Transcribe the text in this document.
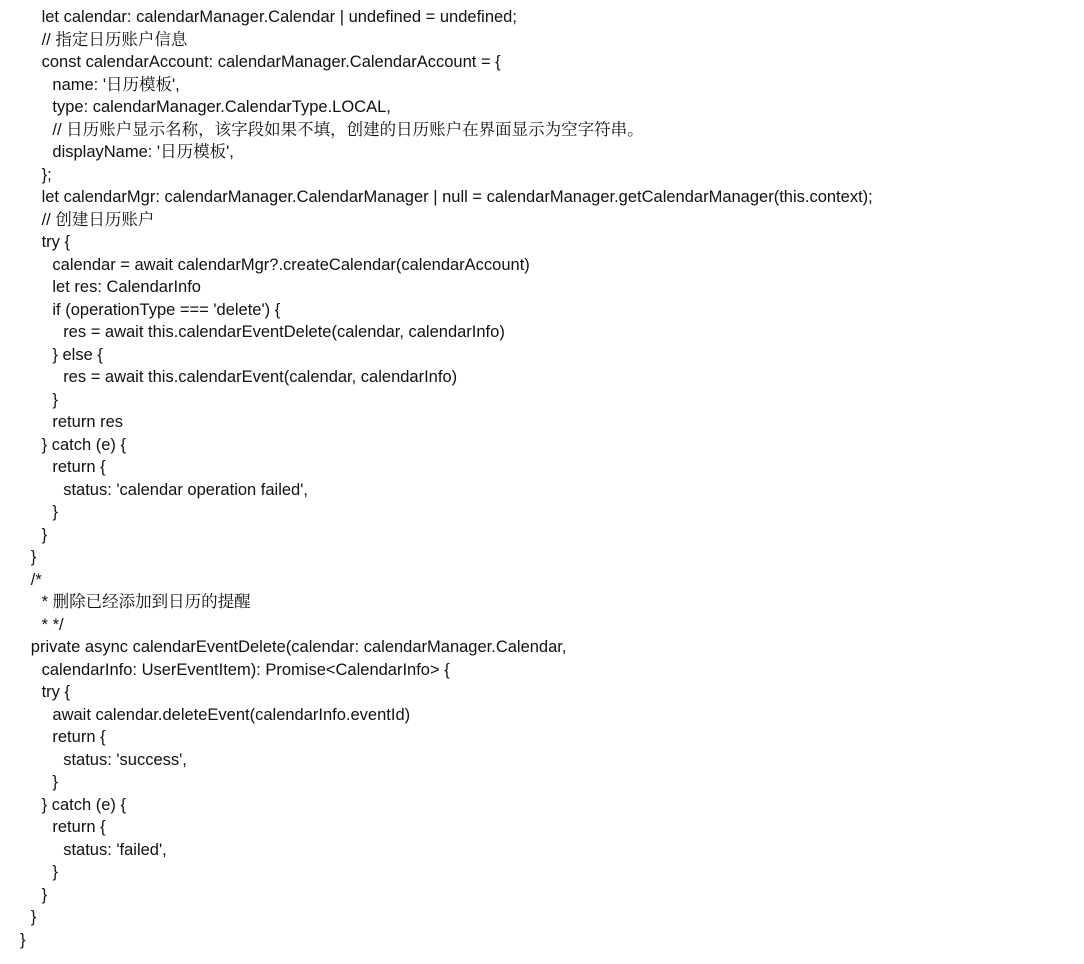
let calendar: calendarManager.Calendar | undefined = undefined;
// 指定日历账户信息
const calendarAccount: calendarManager.CalendarAccount = {
name: '日历模板',
type: calendarManager.CalendarType.LOCAL,
// 日历账户显示名称，该字段如果不填，创建的日历账户在界面显示为空字符串。
displayName: '日历模板',
};
let calendarMgr: calendarManager.CalendarManager | null = calendarManager.getCalendarManager(this.context);
// 创建日历账户
try {
calendar = await calendarMgr?.createCalendar(calendarAccount)
let res: CalendarInfo
if (operationType === 'delete') {
res = await this.calendarEventDelete(calendar, calendarInfo)
} else {
res = await this.calendarEvent(calendar, calendarInfo)
}
return res
} catch (e) {
return {
status: 'calendar operation failed',
}
}
}
/*
* 删除已经添加到日历的提醒
* */
private async calendarEventDelete(calendar: calendarManager.Calendar,
calendarInfo: UserEventItem): Promise<CalendarInfo> {
try {
await calendar.deleteEvent(calendarInfo.eventId)
return {
status: 'success',
}
} catch (e) {
return {
status: 'failed',
}
}
}
}
